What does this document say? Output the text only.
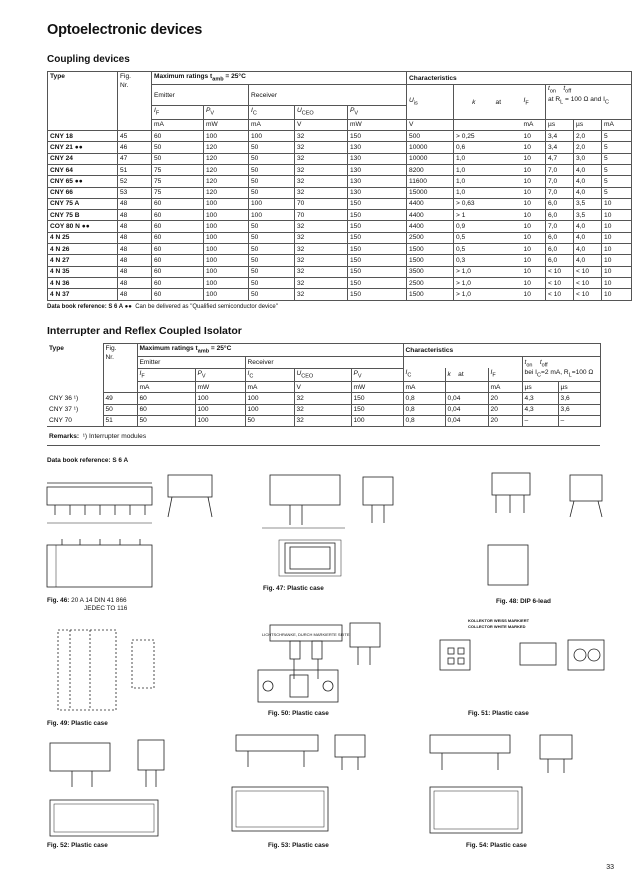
Optoelectronic devices
Coupling devices
Type	Fig.
Nr.	Maximum ratings $t_{amb} = 25^\circ C$					Characteristics						
		Emitter		Receiver			$U_{is}$	k	at	$I_F$	$t_{on}$ $t_{off}$
at $R_L = 100$ Ω and $I_C$
		$I_F$	$P_V$	$I_C$	$U_{CEO}$	$P_V$	
		mA	mW	mA	V	mW	V			mA	µs	µs	mA
CNY 18	45	60	100	100	32	150	500	> 0,25		10	3,4	2,0	5
CNY 21 ●●	46	50	120	50	32	130	10000	0,6		10	3,4	2,0	5
CNY 24	47	50	120	50	32	130	10000	1,0		10	4,7	3,0	5
CNY 64	51	75	120	50	32	130	8200	1,0		10	7,0	4,0	5
CNY 65 ●●	52	75	120	50	32	130	11600	1,0		10	7,0	4,0	5
CNY 66	53	75	120	50	32	130	15000	1,0		10	7,0	4,0	5
CNY 75 A	48	60	100	100	70	150	4400	> 0,63		10	6,0	3,5	10
CNY 75 B	48	60	100	100	70	150	4400	> 1		10	6,0	3,5	10
COY 80 N ●●	48	60	100	50	32	150	4400	0,9		10	7,0	4,0	10
4 N 25	48	60	100	50	32	150	2500	0,5		10	6,0	4,0	10
4 N 26	48	60	100	50	32	150	1500	0,5		10	6,0	4,0	10
4 N 27	48	60	100	50	32	150	1500	0,3		10	6,0	4,0	10
4 N 35	48	60	100	50	32	150	3500	> 1,0		10	< 10	< 10	10
4 N 36	48	60	100	50	32	150	2500	> 1,0		10	< 10	< 10	10
4 N 37	48	60	100	50	32	150	1500	> 1,0		10	< 10	< 10	10
Data book reference: S 6 A ●● Can be delivered as "Qualified semiconductor device"
Interrupter and Reflex Coupled Isolator
Type	Fig.
Nr.	Maximum ratings $t_{amb} = 25^\circ C$					Characteristics				
		Emitter		Receiver						$t_{on}$ $t_{off}$
bei $I_C=2$ mA, $R_L=100$ Ω	
		$I_F$	$P_V$	$I_C$	$U_{CEO}$	$P_V$	$I_C$	k at	$I_F$
		mA	mW	mA	V	mW	mA		mA	µs	µs
CNY 36 ¹)	49	60	100	100	32	150	0,8	0,04	20	4,3	3,6
CNY 37 ¹)	50	60	100	100	32	150	0,8	0,04	20	4,3	3,6
CNY 70	51	50	100	50	32	100	0,8	0,04	20	–	–
Remarks: ¹) Interrupter modules											
Data book reference: S 6 A
Fig. 46: 20 A 14 DIN 41 866
JEDEC TO 116
Fig. 47: Plastic case
Fig. 48: DIP 6-lead
LICHTSCHRANKE, DURCH MARKIERTE SEITE
KOLLEKTOR WEISS MARKIERT
COLLECTOR WHITE MARKED
Fig. 49: Plastic case
Fig. 50: Plastic case	Fig. 51: Plastic case
Fig. 52: Plastic case	Fig. 53: Plastic case	Fig. 54: Plastic case
33
